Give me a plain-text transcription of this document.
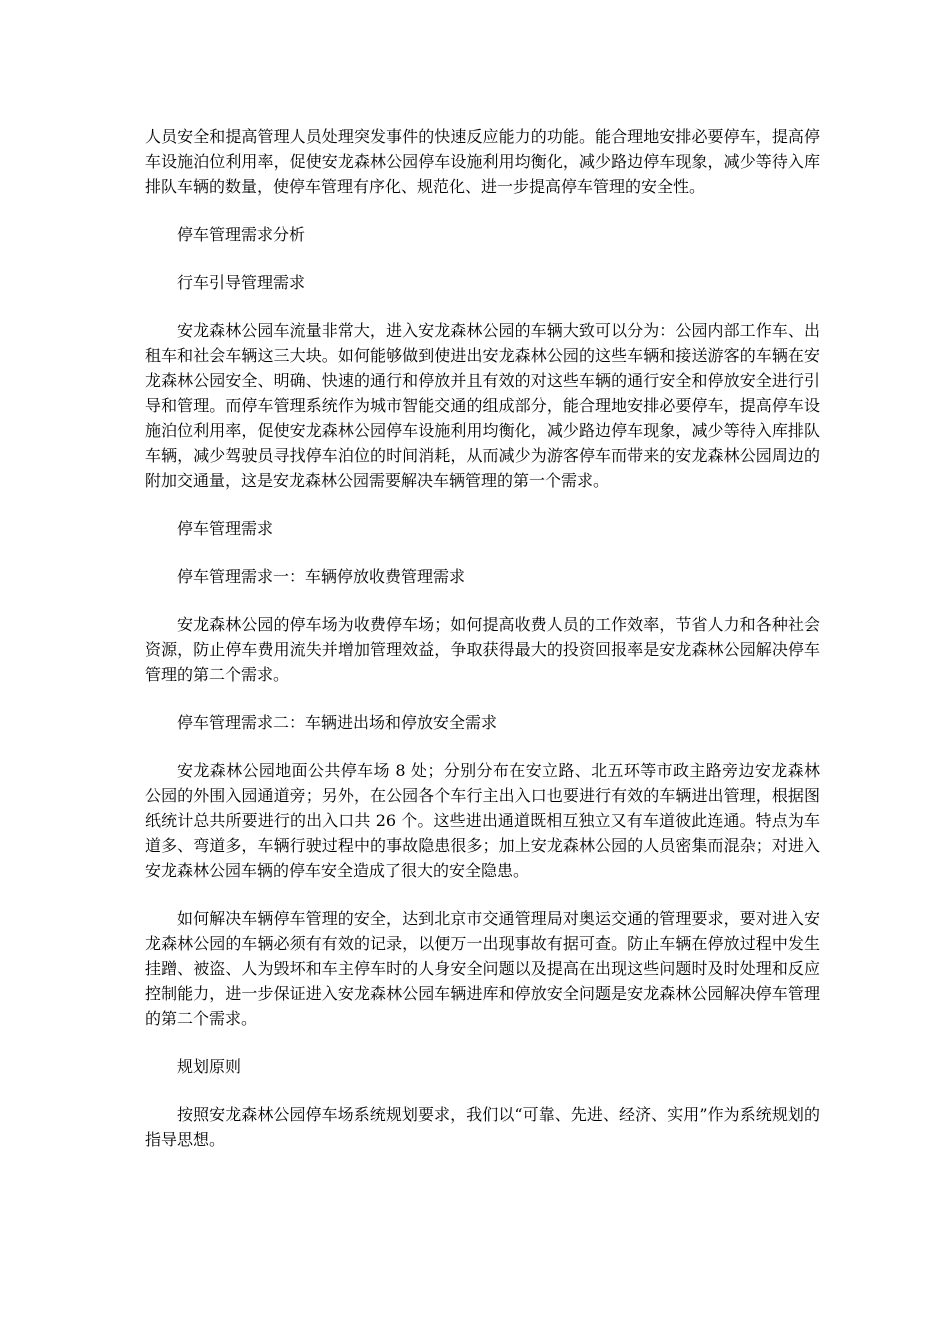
人员安全和提高管理人员处理突发事件的快速反应能力的功能。能合理地安排必要停车，提高停车设施泊位利用率，促使安龙森林公园停车设施利用均衡化，减少路边停车现象，减少等待入库排队车辆的数量，使停车管理有序化、规范化、进一步提高停车管理的安全性。

停车管理需求分析

行车引导管理需求

安龙森林公园车流量非常大，进入安龙森林公园的车辆大致可以分为：公园内部工作车、出租车和社会车辆这三大块。如何能够做到使进出安龙森林公园的这些车辆和接送游客的车辆在安龙森林公园安全、明确、快速的通行和停放并且有效的对这些车辆的通行安全和停放安全进行引导和管理。而停车管理系统作为城市智能交通的组成部分，能合理地安排必要停车，提高停车设施泊位利用率，促使安龙森林公园停车设施利用均衡化，减少路边停车现象，减少等待入库排队车辆，减少驾驶员寻找停车泊位的时间消耗，从而减少为游客停车而带来的安龙森林公园周边的附加交通量，这是安龙森林公园需要解决车辆管理的第一个需求。

停车管理需求

停车管理需求一：车辆停放收费管理需求

安龙森林公园的停车场为收费停车场；如何提高收费人员的工作效率，节省人力和各种社会资源，防止停车费用流失并增加管理效益，争取获得最大的投资回报率是安龙森林公园解决停车管理的第二个需求。

停车管理需求二：车辆进出场和停放安全需求

安龙森林公园地面公共停车场 8 处；分别分布在安立路、北五环等市政主路旁边安龙森林公园的外围入园通道旁；另外，在公园各个车行主出入口也要进行有效的车辆进出管理，根据图纸统计总共所要进行的出入口共 26 个。这些进出通道既相互独立又有车道彼此连通。特点为车道多、弯道多，车辆行驶过程中的事故隐患很多；加上安龙森林公园的人员密集而混杂；对进入安龙森林公园车辆的停车安全造成了很大的安全隐患。

如何解决车辆停车管理的安全，达到北京市交通管理局对奥运交通的管理要求，要对进入安龙森林公园的车辆必须有有效的记录，以便万一出现事故有据可查。防止车辆在停放过程中发生挂蹭、被盗、人为毁坏和车主停车时的人身安全问题以及提高在出现这些问题时及时处理和反应控制能力，进一步保证进入安龙森林公园车辆进库和停放安全问题是安龙森林公园解决停车管理的第二个需求。

规划原则

按照安龙森林公园停车场系统规划要求，我们以“可靠、先进、经济、实用”作为系统规划的指导思想。
